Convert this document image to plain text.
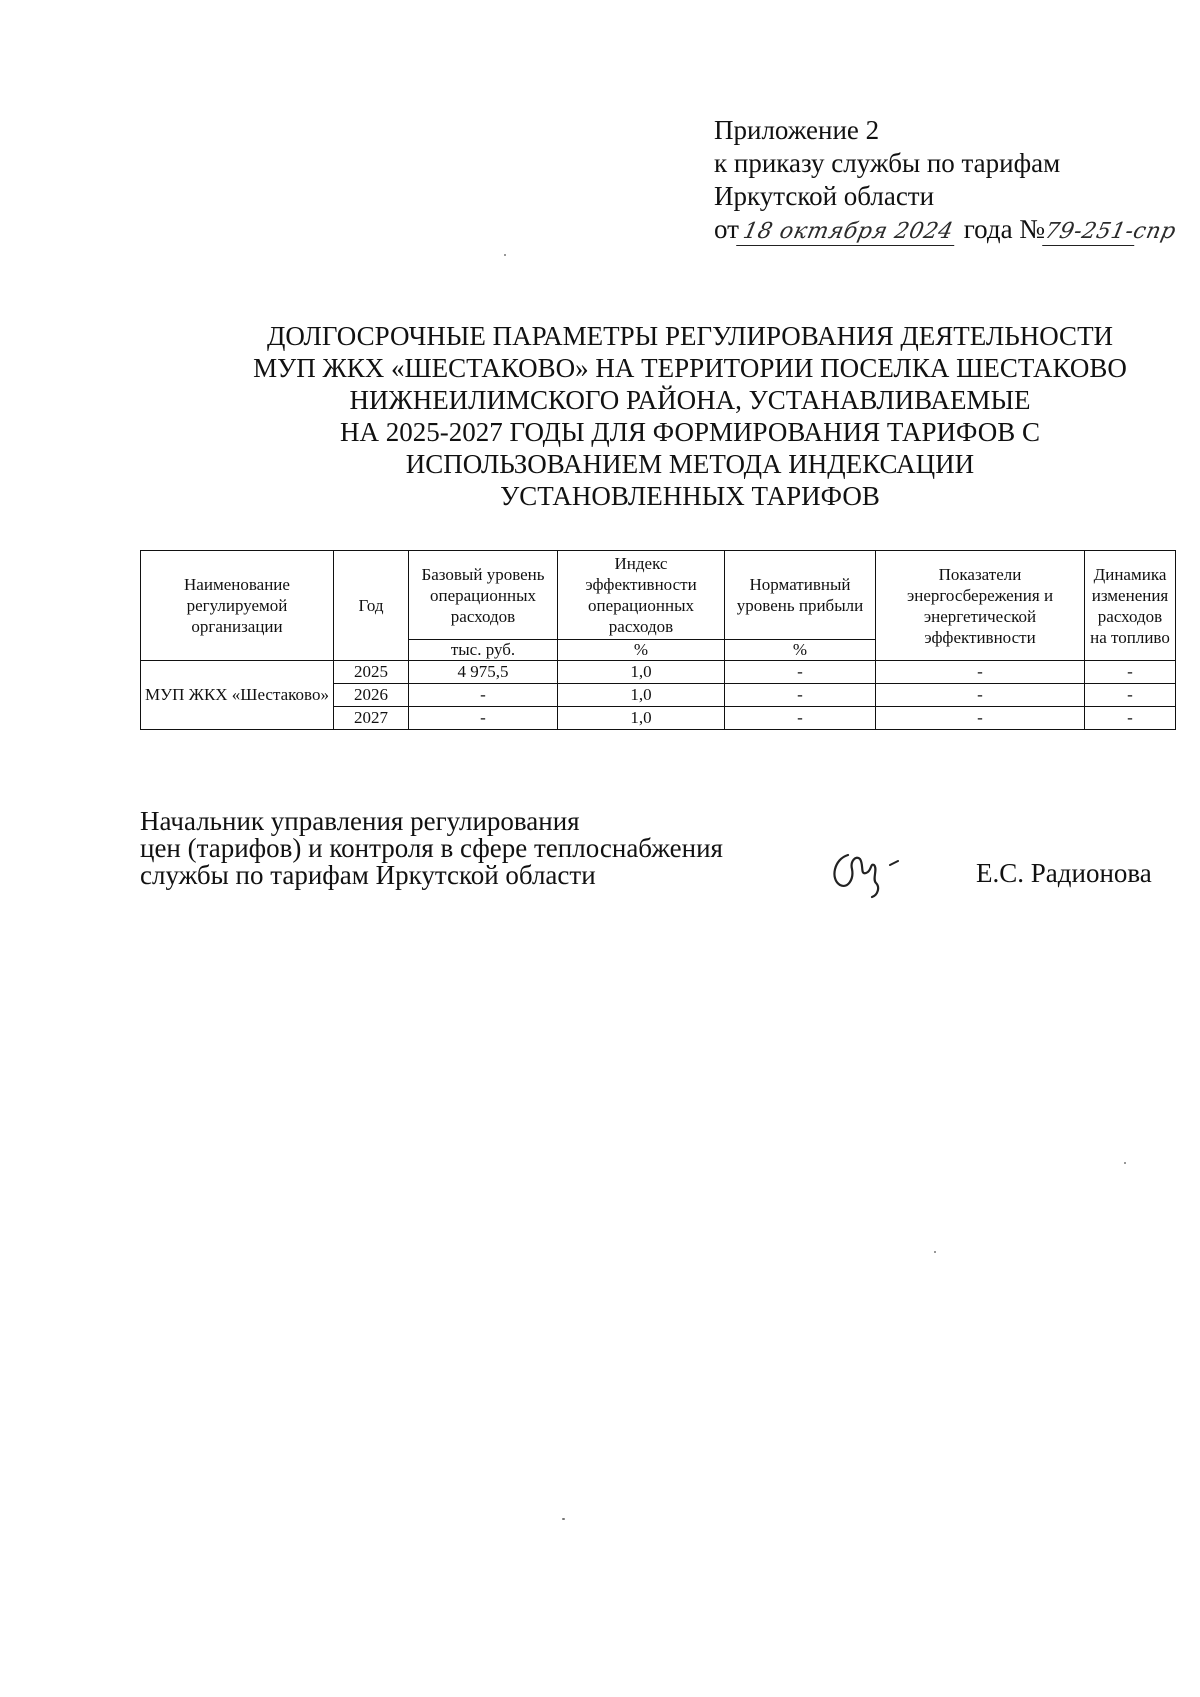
Приложение 2
к приказу службы по тарифам
Иркутской области
от18 октября 2024 года №79-251-спр
ДОЛГОСРОЧНЫЕ ПАРАМЕТРЫ РЕГУЛИРОВАНИЯ ДЕЯТЕЛЬНОСТИ
МУП ЖКХ «ШЕСТАКОВО» НА ТЕРРИТОРИИ ПОСЕЛКА ШЕСТАКОВО
НИЖНЕИЛИМСКОГО РАЙОНА, УСТАНАВЛИВАЕМЫЕ
НА 2025-2027 ГОДЫ ДЛЯ ФОРМИРОВАНИЯ ТАРИФОВ С
ИСПОЛЬЗОВАНИЕМ МЕТОДА ИНДЕКСАЦИИ
УСТАНОВЛЕННЫХ ТАРИФОВ
Наименование регулируемой организации	Год	Базовый уровень операционных расходов	Индекс эффективности операционных расходов	Нормативный уровень прибыли	Показатели энергосбережения и энергетической эффективности	Динамика изменения расходов на топливо
		тыс. руб.	%	%		
МУП ЖКХ «Шестаково»	2025	4 975,5	1,0	-	-	-
	2026	-	1,0	-	-	-
	2027	-	1,0	-	-	-
Начальник управления регулирования
цен (тарифов) и контроля в сфере теплоснабжения
службы по тарифам Иркутской области	Е.С. Радионова
